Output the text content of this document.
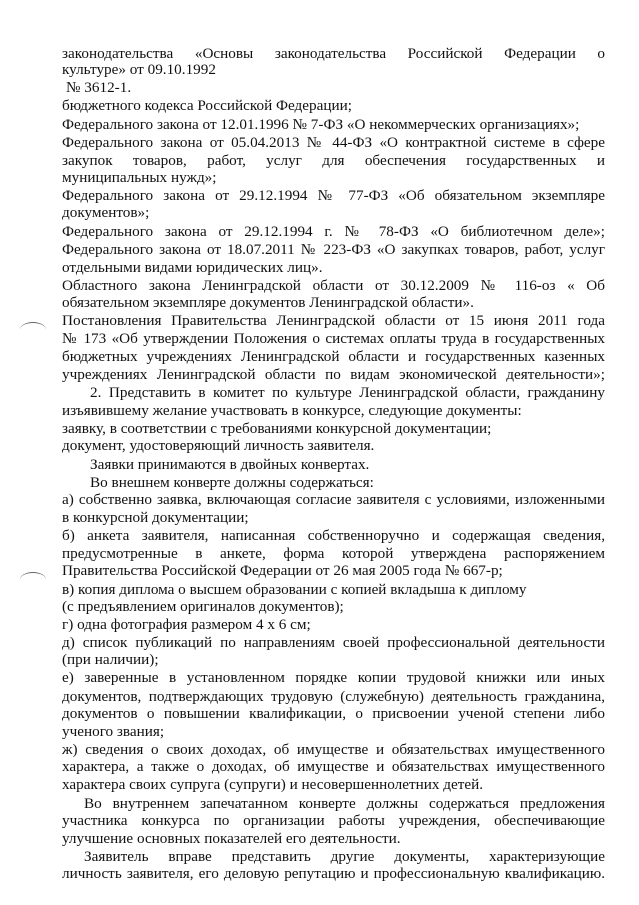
законодательства «Основы законодательства Российской Федерации о
культуре» от 09.10.1992
№ 3612-1.
бюджетного кодекса Российской Федерации;
Федерального закона от 12.01.1996 № 7-ФЗ «О некоммерческих организациях»;
Федерального закона от 05.04.2013 № 44-ФЗ «О контрактной системе в сфере
закупок товаров, работ, услуг для обеспечения государственных и
муниципальных нужд»;
Федерального закона от 29.12.1994 № 77-ФЗ «Об обязательном экземпляре
документов»;
Федерального закона от 29.12.1994 г. № 78-ФЗ «О библиотечном деле»;
Федерального закона от 18.07.2011 № 223-ФЗ «О закупках товаров, работ, услуг
отдельными видами юридических лиц».
Областного закона Ленинградской области от 30.12.2009 № 116-оз « Об
обязательном экземпляре документов Ленинградской области».
Постановления Правительства Ленинградской области от 15 июня 2011 года
№ 173 «Об утверждении Положения о системах оплаты труда в государственных
бюджетных учреждениях Ленинградской области и государственных казенных
учреждениях Ленинградской области по видам экономической деятельности»;
2. Представить в комитет по культуре Ленинградской области, гражданину
изъявившему желание участвовать в конкурсе, следующие документы:
заявку, в соответствии с требованиями конкурсной документации;
документ, удостоверяющий личность заявителя.
Заявки принимаются в двойных конвертах.
Во внешнем конверте должны содержаться:
а) собственно заявка, включающая согласие заявителя с условиями, изложенными
в конкурсной документации;
б) анкета заявителя, написанная собственноручно и содержащая сведения,
предусмотренные в анкете, форма которой утверждена распоряжением
Правительства Российской Федерации от 26 мая 2005 года № 667-р;
в) копия диплома о высшем образовании с копией вкладыша к диплому
(с предъявлением оригиналов документов);
г) одна фотография размером 4 х 6 см;
д) список публикаций по направлениям своей профессиональной деятельности
(при наличии);
е) заверенные в установленном порядке копии трудовой книжки или иных
документов, подтверждающих трудовую (служебную) деятельность гражданина,
документов о повышении квалификации, о присвоении ученой степени либо
ученого звания;
ж) сведения о своих доходах, об имуществе и обязательствах имущественного
характера, а также о доходах, об имуществе и обязательствах имущественного
характера своих супруга (супруги) и несовершеннолетних детей.
Во внутреннем запечатанном конверте должны содержаться предложения
участника конкурса по организации работы учреждения, обеспечивающие
улучшение основных показателей его деятельности.
Заявитель вправе представить другие документы, характеризующие
личность заявителя, его деловую репутацию и профессиональную квалификацию.
